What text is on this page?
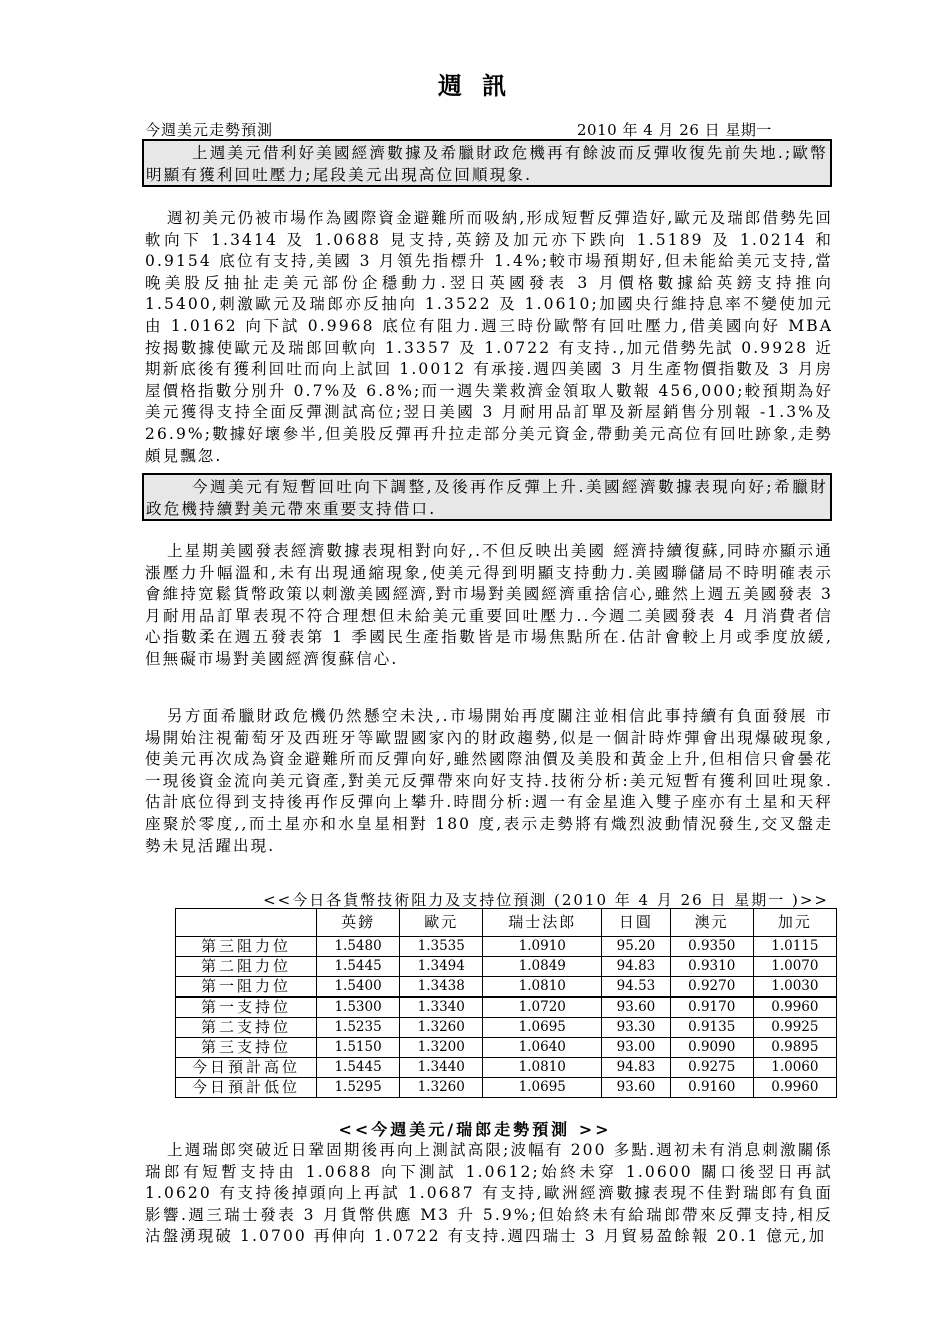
週 訊
今週美元走勢預測	2010 年 4 月 26 日 星期一

上週美元借利好美國經濟數據及希臘財政危機再有餘波而反彈收復先前失地.;歐幣明顯有獲利回吐壓力;尾段美元出現高位回順現象.

週初美元仍被市場作為國際資金避難所而吸納,形成短暫反彈造好,歐元及瑞郎借勢先回軟向下 1.3414 及 1.0688 見支持,英鎊及加元亦下跌向 1.5189 及 1.0214 和 0.9154 底位有支持,美國 3 月領先指標升 1.4%;較市場預期好,但未能給美元支持,當晚美股反抽扯走美元部份企穩動力.翌日英國發表 3 月價格數據給英鎊支持推向 1.5400,刺激歐元及瑞郎亦反抽向 1.3522 及 1.0610;加國央行維持息率不變使加元由 1.0162 向下試 0.9968 底位有阻力.週三時份歐幣有回吐壓力,借美國向好 MBA 按揭數據使歐元及瑞郎回軟向 1.3357 及 1.0722 有支持.,加元借勢先試 0.9928 近期新底後有獲利回吐而向上試回 1.0012 有承接.週四美國 3 月生產物價指數及 3 月房屋價格指數分別升 0.7%及 6.8%;而一週失業救濟金領取人數報 456,000;較預期為好美元獲得支持全面反彈測試高位;翌日美國 3 月耐用品訂單及新屋銷售分別報 -1.3%及 26.9%;數據好壞參半,但美股反彈再升拉走部分美元資金,帶動美元高位有回吐跡象,走勢頗見飄忽.

今週美元有短暫回吐向下調整,及後再作反彈上升.美國經濟數據表現向好;希臘財政危機持續對美元帶來重要支持借口.

上星期美國發表經濟數據表現相對向好,.不但反映出美國 經濟持續復蘇,同時亦顯示通漲壓力升幅溫和,未有出現通縮現象,使美元得到明顯支持動力.美國聯儲局不時明確表示會維持宽鬆貨幣政策以刺激美國經濟,對市場對美國經濟重捨信心,雖然上週五美國發表 3 月耐用品訂單表現不符合理想但未給美元重要回吐壓力..今週二美國發表 4 月消費者信心指數柔在週五發表第 1 季國民生產指數皆是市場焦點所在.估計會較上月或季度放緩,但無礙市場對美國經濟復蘇信心.

另方面希臘財政危機仍然懸空未決,.市場開始再度關注並相信此事持續有負面發展 市場開始注視葡萄牙及西班牙等歐盟國家內的財政趨勢,似是一個計時炸彈會出現爆破現象,使美元再次成為資金避難所而反彈向好,雖然國際油價及美股和黃金上升,但相信只會曇花一現後資金流向美元資產,對美元反彈帶來向好支持.技術分析:美元短暫有獲利回吐現象.估計底位得到支持後再作反彈向上攀升.時間分析:週一有金星進入雙子座亦有土星和天秤座聚於零度,,而土星亦和水皇星相對 180 度,表示走勢將有熾烈波動情況發生,交叉盤走勢未見活躍出現.

<<今日各貨幣技術阻力及支持位預測 (2010 年 4 月 26 日 星期一 )>>
	英鎊	歐元	瑞士法郎	日圓	澳元	加元
第三阻力位	1.5480	1.3535	1.0910	95.20	0.9350	1.0115
第二阻力位	1.5445	1.3494	1.0849	94.83	0.9310	1.0070
第一阻力位	1.5400	1.3438	1.0810	94.53	0.9270	1.0030
第一支持位	1.5300	1.3340	1.0720	93.60	0.9170	0.9960
第二支持位	1.5235	1.3260	1.0695	93.30	0.9135	0.9925
第三支持位	1.5150	1.3200	1.0640	93.00	0.9090	0.9895
今日預計高位	1.5445	1.3440	1.0810	94.83	0.9275	1.0060
今日預計低位	1.5295	1.3260	1.0695	93.60	0.9160	0.9960
<<今週美元/瑞郎走勢預測 >>

上週瑞郎突破近日鞏固期後再向上測試高限;波幅有 200 多點.週初未有消息刺激關係瑞郎有短暫支持由 1.0688 向下測試 1.0612;始終未穿 1.0600 關口後翌日再試 1.0620 有支持後掉頭向上再試 1.0687 有支持,歐洲經濟數據表現不佳對瑞郎有負面影響.週三瑞士發表 3 月貨幣供應 M3 升 5.9%;但始終未有給瑞郎帶來反彈支持,相反沽盤湧現破 1.0700 再伸向 1.0722 有支持.週四瑞士 3 月貿易盈餘報 20.1 億元,加
